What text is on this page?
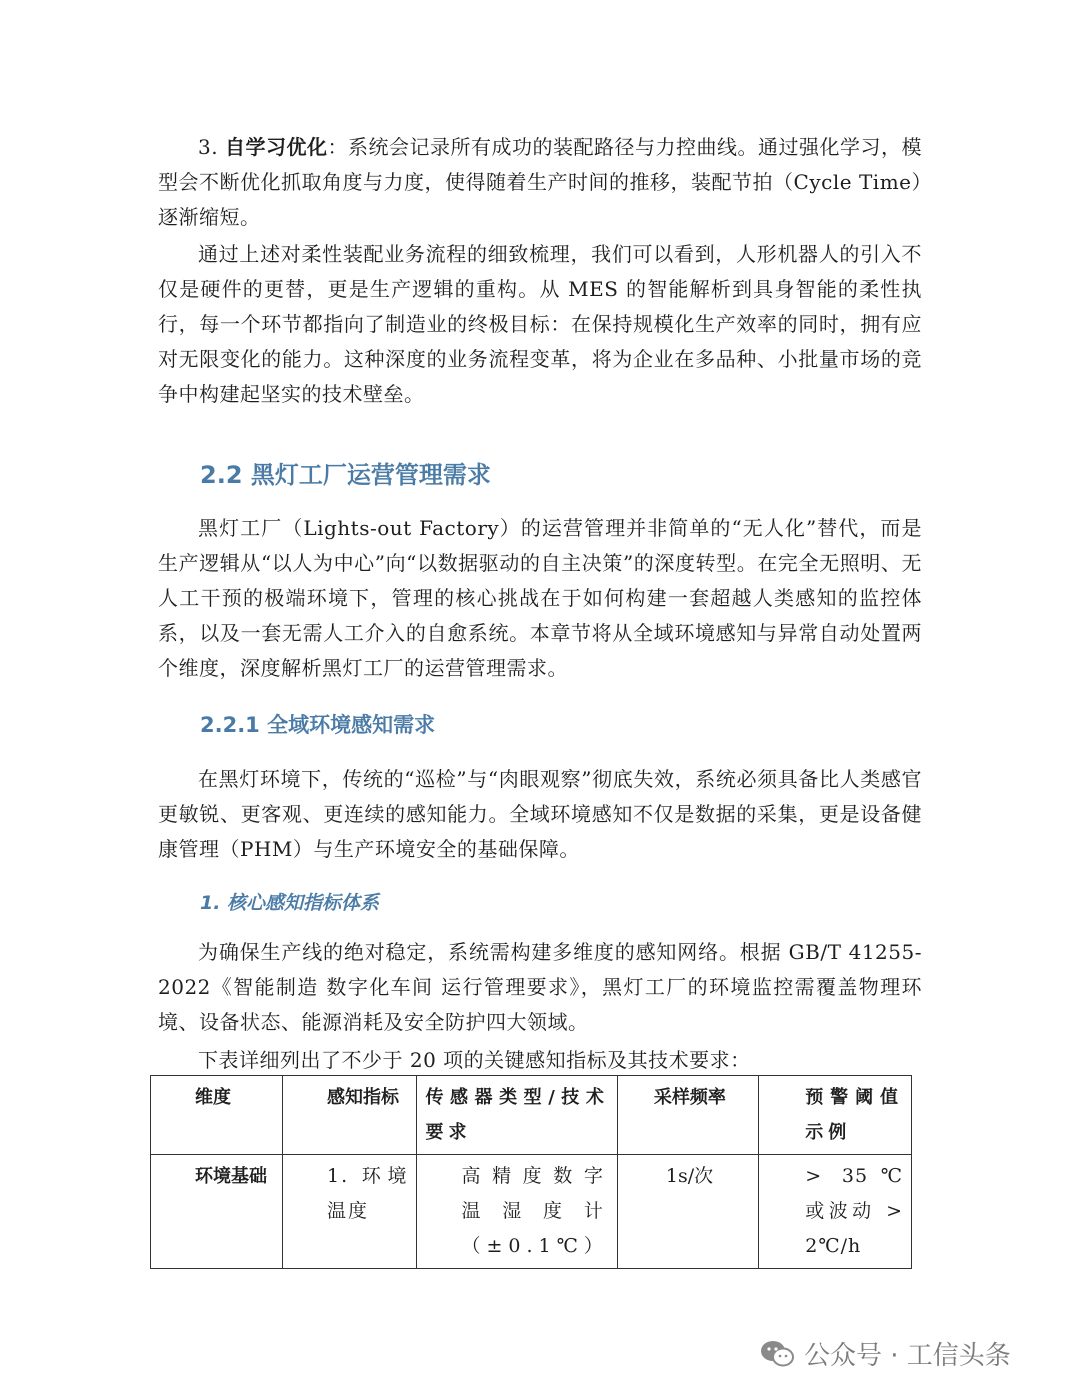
3. 自学习优化：系统会记录所有成功的装配路径与力控曲线。通过强化学习，模型会不断优化抓取角度与力度，使得随着生产时间的推移，装配节拍（Cycle Time）逐渐缩短。

通过上述对柔性装配业务流程的细致梳理，我们可以看到，人形机器人的引入不仅是硬件的更替，更是生产逻辑的重构。从 MES 的智能解析到具身智能的柔性执行，每一个环节都指向了制造业的终极目标：在保持规模化生产效率的同时，拥有应对无限变化的能力。这种深度的业务流程变革，将为企业在多品种、小批量市场的竞争中构建起坚实的技术壁垒。

2.2 黑灯工厂运营管理需求

黑灯工厂（Lights-out Factory）的运营管理并非简单的“无人化”替代，而是生产逻辑从“以人为中心”向“以数据驱动的自主决策”的深度转型。在完全无照明、无人工干预的极端环境下，管理的核心挑战在于如何构建一套超越人类感知的监控体系，以及一套无需人工介入的自愈系统。本章节将从全域环境感知与异常自动处置两个维度，深度解析黑灯工厂的运营管理需求。

2.2.1 全域环境感知需求

在黑灯环境下，传统的“巡检”与“肉眼观察”彻底失效，系统必须具备比人类感官更敏锐、更客观、更连续的感知能力。全域环境感知不仅是数据的采集，更是设备健康管理（PHM）与生产环境安全的基础保障。

1. 核心感知指标体系

为确保生产线的绝对稳定，系统需构建多维度的感知网络。根据 GB/T 41255-2022《智能制造 数字化车间 运行管理要求》，黑灯工厂的环境监控需覆盖物理环境、设备状态、能源消耗及安全防护四大领域。

下表详细列出了不少于 20 项的关键感知指标及其技术要求：

维度	感知指标	传感器类型/技术要求	采样频率	预警阈值示例
环境基础	1. 环境温度	高精度数字温湿度计（±0.1℃）	1s/次	> 35℃ 或波动 > 2℃/h
公众号 · 工信头条
